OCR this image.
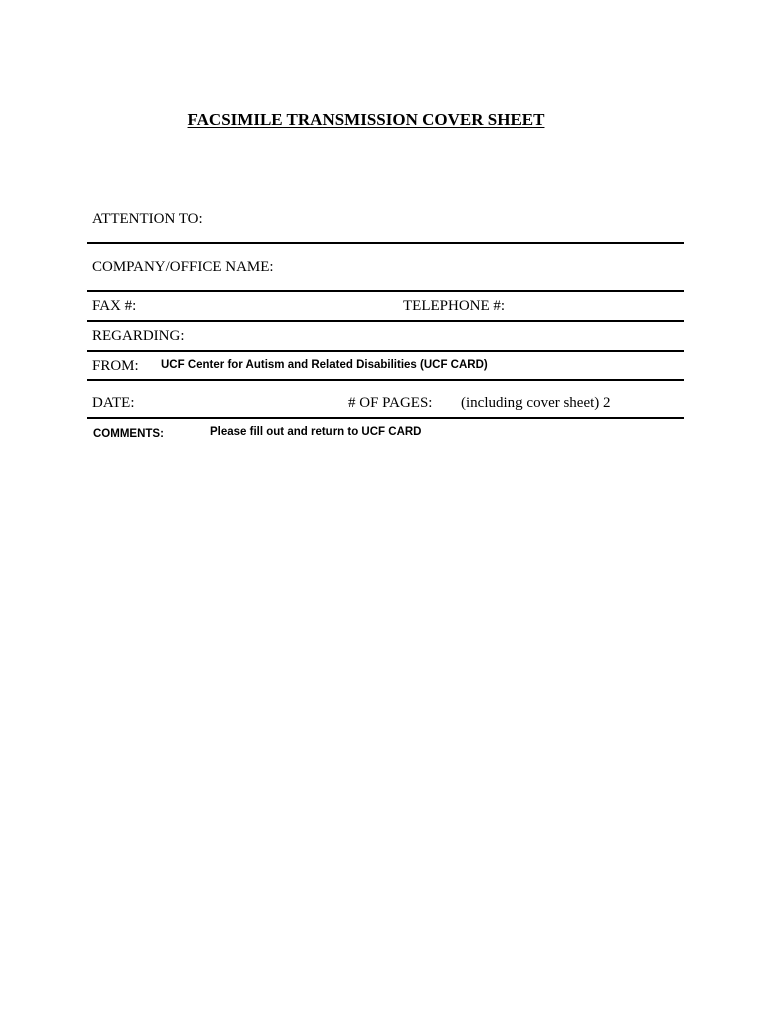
FACSIMILE TRANSMISSION COVER SHEET
ATTENTION TO:
COMPANY/OFFICE NAME:
FAX #:	TELEPHONE #:
REGARDING:
FROM: UCF Center for Autism and Related Disabilities (UCF CARD)
DATE:	# OF PAGES: (including cover sheet) 2
COMMENTS:	Please fill out and return to UCF CARD
